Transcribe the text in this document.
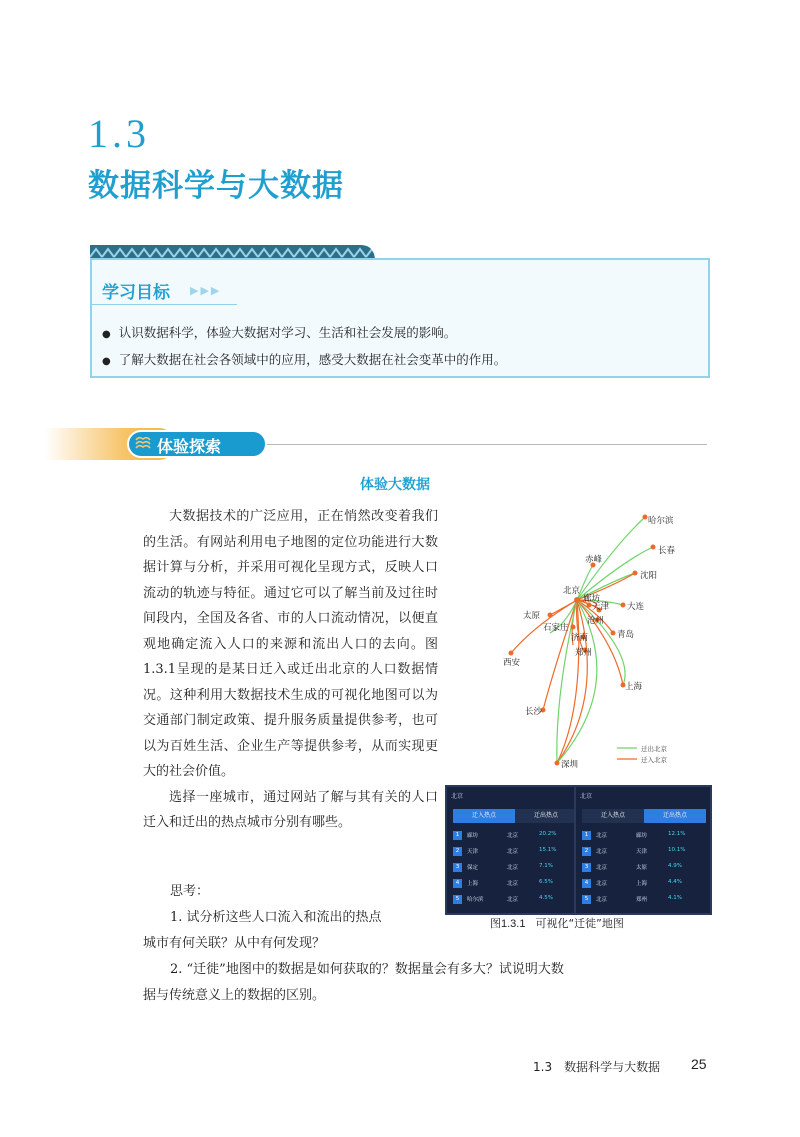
1.3
数据科学与大数据
学习目标 ▶▶▶
● 认识数据科学，体验大数据对学习、生活和社会发展的影响。
● 了解大数据在社会各领域中的应用，感受大数据在社会变革中的作用。
体验探索
体验大数据

大数据技术的广泛应用，正在悄然改变着我们的生活。有网站利用电子地图的定位功能进行大数据计算与分析，并采用可视化呈现方式，反映人口流动的轨迹与特征。通过它可以了解当前及过往时间段内，全国及各省、市的人口流动情况，以便直观地确定流入人口的来源和流出人口的去向。图1.3.1呈现的是某日迁入或迁出北京的人口数据情况。这种利用大数据技术生成的可视化地图可以为交通部门制定政策、提升服务质量提供参考，也可以为百姓生活、企业生产等提供参考，从而实现更大的社会价值。

选择一座城市，通过网站了解与其有关的人口迁入和迁出的热点城市分别有哪些。

思考：
1. 试分析这些人口流入和流出的热点
城市有何关联？从中有何发现？
2. “迁徙”地图中的数据是如何获取的？数据量会有多大？试说明大数
据与传统意义上的数据的区别。
哈尔滨
长春
赤峰
沈阳
北京
廊坊
天津 大连
太原
石家庄
沧州
济南	青岛
郑州
西安
上海
长沙
深圳
迁出北京
迁入北京
北京
迁入热点	迁出热点
1	廊坊	北京	20.2%
2	天津	北京	15.1%
3	保定	北京	7.1%
4	上海	北京	6.5%
5	哈尔滨	北京	4.5%
北京
迁入热点	迁出热点
1	北京	廊坊	12.1%
2	北京	天津	10.1%
3	北京	太原	4.9%
4	北京	上海	4.4%
5	北京	郑州	4.1%
图1.3.1 可视化“迁徙”地图
1.3　数据科学与大数据 25
